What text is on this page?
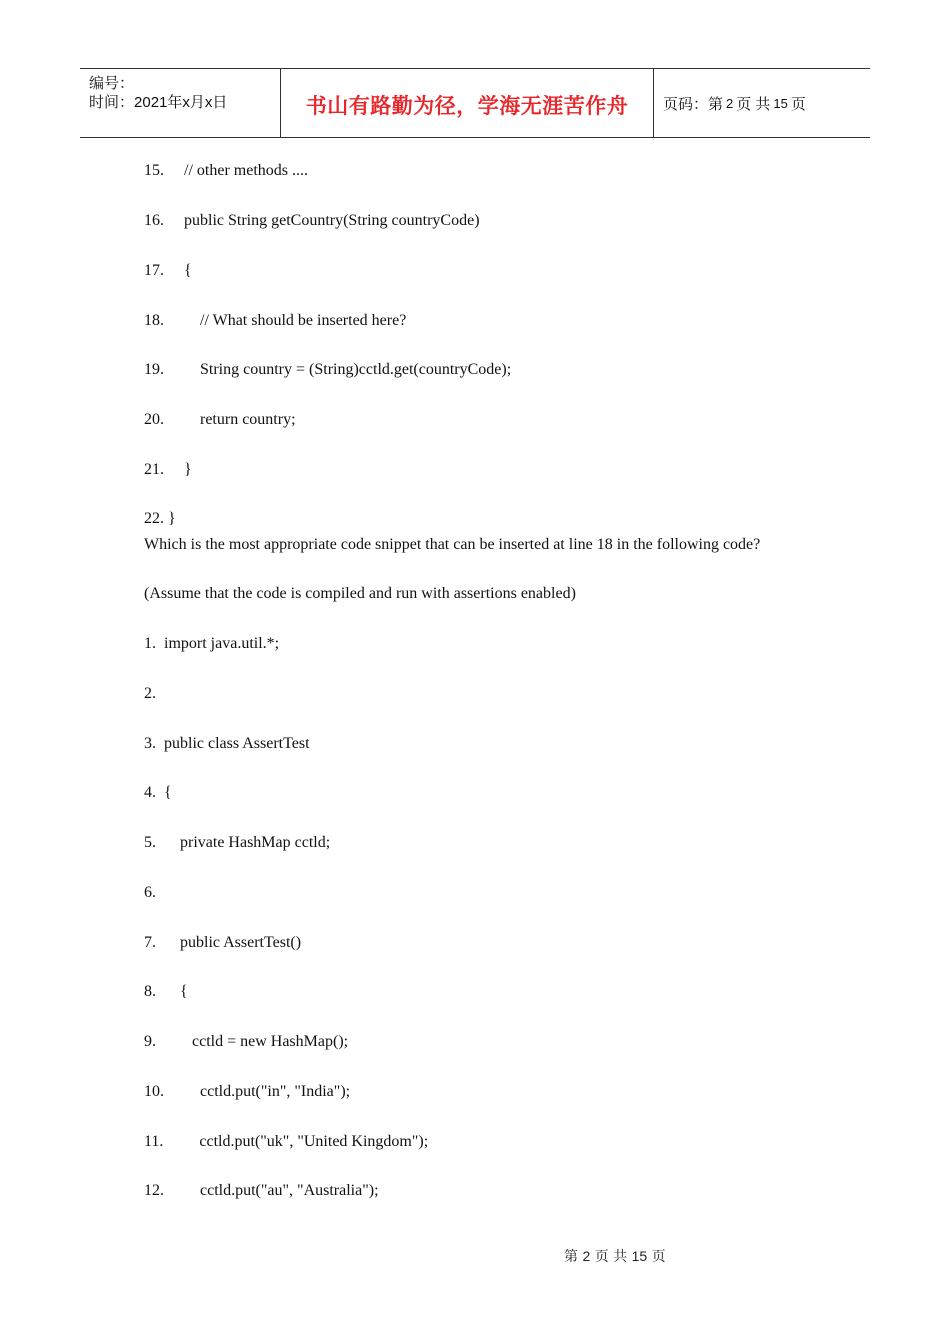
编号：
时间：2021年x月x日	书山有路勤为径，学海无涯苦作舟 页码：第 2 页 共 15 页
15.     // other methods ....
16.     public String getCountry(String countryCode)
17.     {
18.         // What should be inserted here?
19.         String country = (String)cctld.get(countryCode);
20.         return country;
21.     }
22. }
Which is the most appropriate code snippet that can be inserted at line 18 in the following code?
(Assume that the code is compiled and run with assertions enabled)
1.  import java.util.*;
2.
3.  public class AssertTest
4.  {
5.      private HashMap cctld;
6.
7.      public AssertTest()
8.      {
9.         cctld = new HashMap();
10.         cctld.put("in", "India");
11.         cctld.put("uk", "United Kingdom");
12.         cctld.put("au", "Australia");
第 2 页 共 15 页
